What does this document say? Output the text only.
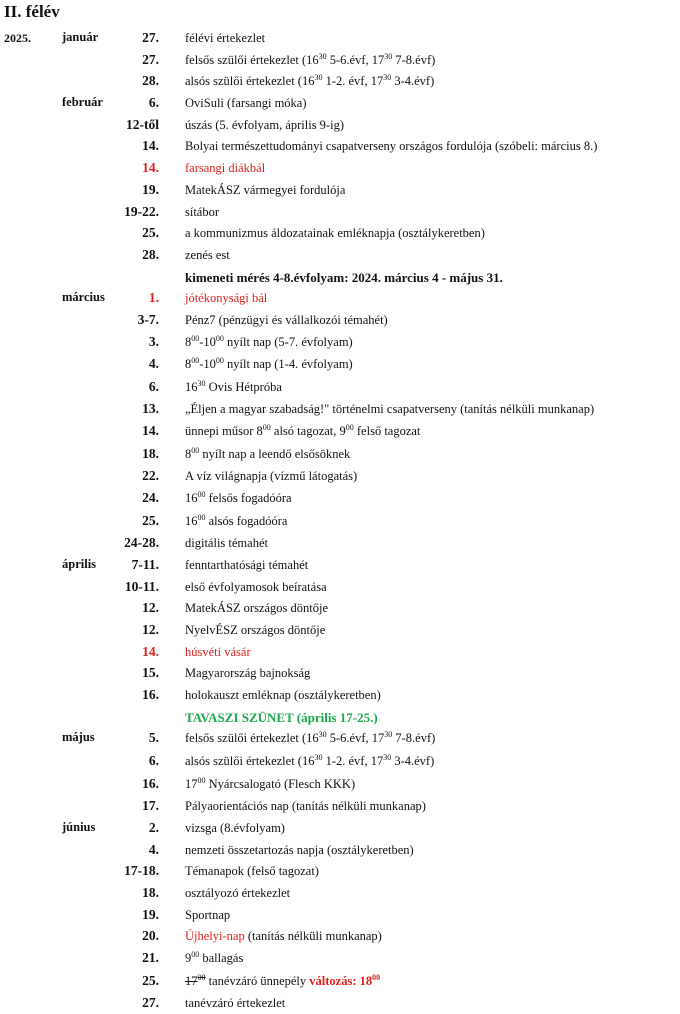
II. félév
2025. január	27. félévi értekezlet
27. felsős szülői értekezlet ($16^{30}$ 5-6.évf, $17^{30}$ 7-8.évf)
28. alsós szülői értekezlet ($16^{30}$ 1-2. évf, $17^{30}$ 3-4.évf)
február	6. OviSuli (farsangi móka)
12-től úszás (5. évfolyam, április 9-ig)
14. Bolyai természettudományi csapatverseny országos fordulója (szóbeli: március 8.)
14. farsangi diákbál
19. MatekÁSZ vármegyei fordulója
19-22. sítábor
25. a kommunizmus áldozatainak emléknapja (osztálykeretben)
28. zenés est
kimeneti mérés 4-8.évfolyam: 2024. március 4 - május 31.
március	1. jótékonysági bál
3-7. Pénz7 (pénzügyi és vállalkozói témahét)
3. $8^{00}-10^{00}$ nyílt nap (5-7. évfolyam)
4. $8^{00}-10^{00}$ nyílt nap (1-4. évfolyam)
6. $16^{30}$ Ovis Hétpróba
13. „Éljen a magyar szabadság!" történelmi csapatverseny (tanítás nélküli munkanap)
14. ünnepi műsor $8^{00}$ alsó tagozat, $9^{00}$ felső tagozat
18. $8^{00}$ nyílt nap a leendő elsősöknek
22. A víz világnapja (vízmű látogatás)
24. $16^{00}$ felsős fogadóóra
25. $16^{00}$ alsós fogadóóra
24-28. digitális témahét
április	7-11. fenntarthatósági témahét
10-11. első évfolyamosok beíratása
12. MatekÁSZ országos döntője
12. NyelvÉSZ országos döntője
14. húsvéti vásár
15. Magyarország bajnokság
16. holokauszt emléknap (osztálykeretben)
TAVASZI SZÜNET (április 17-25.)
május	5. felsős szülői értekezlet ($16^{30}$ 5-6.évf, $17^{30}$ 7-8.évf)
6. alsós szülői értekezlet ($16^{30}$ 1-2. évf, $17^{30}$ 3-4.évf)
16. $17^{00}$ Nyárcsalogató (Flesch KKK)
17. Pályaorientációs nap (tanítás nélküli munkanap)
június	2. vizsga (8.évfolyam)
4. nemzeti összetartozás napja (osztálykeretben)
17-18. Témanapok (felső tagozat)
18. osztályozó értekezlet
19. Sportnap
20. Újhelyi-nap (tanítás nélküli munkanap)
21. $9^{00}$ ballagás
25. $17^{00}$ tanévzáró ünnepély változás: $18^{00}$
27. tanévzáró értekezlet
